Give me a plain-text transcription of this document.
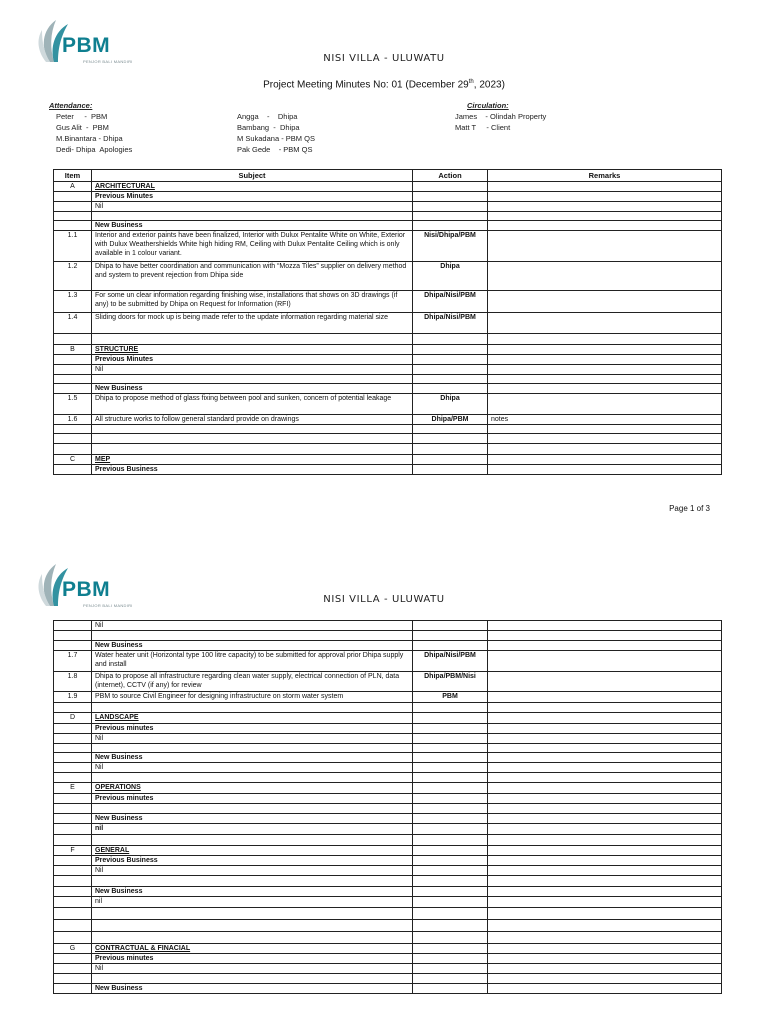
PBM
PENJOR BALI MANDIRI	NISI VILLA - ULUWATU
Project Meeting Minutes No: 01 (December 29th, 2023)
Attendance:
Peter     -  PBM
Gus Alit  -  PBM
M.Binantara - Dhipa
Dedi- Dhipa  Apologies
Angga    -    Dhipa
Bambang  -  Dhipa
M Sukadana - PBM QS
Pak Gede    - PBM QS
Circulation:
James    - Olindah Property
Matt T     - Client
Item	Subject	Action	Remarks
A	ARCHITECTURAL		
	Previous Minutes		
	Nil		

	New Business		
1.1	Interior and exterior paints have been finalized, Interior with Dulux Pentalite White on White, Exterior with Dulux Weathershields White high hiding RM, Ceiling with Dulux Pentalite Ceiling which is only available in 1 colour variant.	Nisi/Dhipa/PBM	
1.2	Dhipa to have better coordination and communication with “Mozza Tiles” supplier on delivery method and system to prevent rejection from Dhipa side	Dhipa	
1.3	For some un clear information regarding finishing wise, installations that shows on 3D drawings (if any) to be submitted by Dhipa on Request for Information (RFI)	Dhipa/Nisi/PBM	
1.4	Sliding doors for mock up is being made refer to the update information regarding material size	Dhipa/Nisi/PBM	

B	STRUCTURE		
	Previous Minutes		
	Nil		

	New Business		
1.5	Dhipa to propose method of glass fixing between pool and sunken, concern of potential leakage	Dhipa	
1.6	All structure works to follow general standard provide on drawings	Dhipa/PBM	notes

C	MEP		
	Previous Business		
Page 1 of 3
PBM
PENJOR BALI MANDIRI
NISI VILLA - ULUWATU
	Nil		

	New Business		
1.7	Water heater unit (Horizontal type 100 litre capacity) to be submitted for approval prior Dhipa supply and install	Dhipa/Nisi/PBM	
1.8	Dhipa to propose all infrastructure regarding clean water supply, electrical connection of PLN, data (internet), CCTV (if any) for review	Dhipa/PBM/Nisi	
1.9	PBM to source Civil Engineer for designing infrastructure on storm water system	PBM	

D	LANDSCAPE		
	Previous minutes		
	Nil		

	New Business		
	Nil		

E	OPERATIONS		
	Previous minutes		

	New Business		
	nil		

F	GENERAL		
	Previous Business		
	Nil		

	New Business		
	nil		

G	CONTRACTUAL & FINACIAL		
	Previous minutes		
	Nil		

	New Business		
